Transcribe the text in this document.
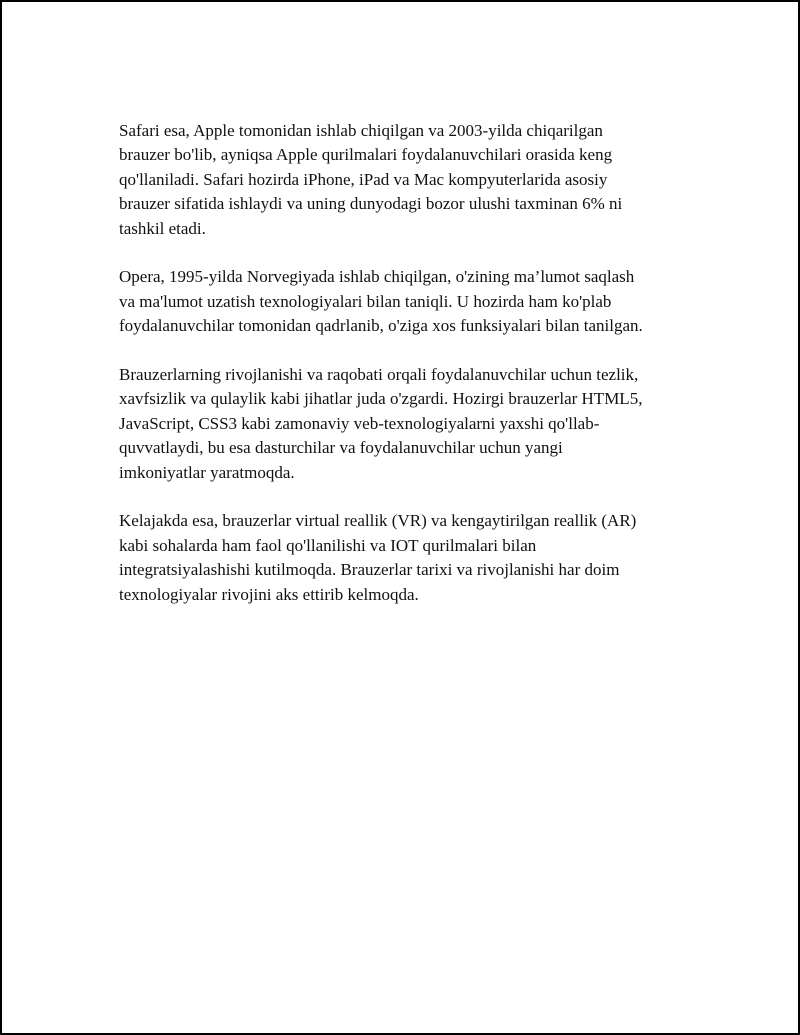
Safari esa, Apple tomonidan ishlab chiqilgan va 2003-yilda chiqarilgan
brauzer bo'lib, ayniqsa Apple qurilmalari foydalanuvchilari orasida keng
qo'llaniladi. Safari hozirda iPhone, iPad va Mac kompyuterlarida asosiy
brauzer sifatida ishlaydi va uning dunyodagi bozor ulushi taxminan 6% ni
tashkil etadi.

Opera, 1995-yilda Norvegiyada ishlab chiqilgan, o'zining ma’lumot saqlash
va ma'lumot uzatish texnologiyalari bilan taniqli. U hozirda ham ko'plab
foydalanuvchilar tomonidan qadrlanib, o'ziga xos funksiyalari bilan tanilgan.

Brauzerlarning rivojlanishi va raqobati orqali foydalanuvchilar uchun tezlik,
xavfsizlik va qulaylik kabi jihatlar juda o'zgardi. Hozirgi brauzerlar HTML5,
JavaScript, CSS3 kabi zamonaviy veb-texnologiyalarni yaxshi qo'llab-
quvvatlaydi, bu esa dasturchilar va foydalanuvchilar uchun yangi
imkoniyatlar yaratmoqda.

Kelajakda esa, brauzerlar virtual reallik (VR) va kengaytirilgan reallik (AR)
kabi sohalarda ham faol qo'llanilishi va IOT qurilmalari bilan
integratsiyalashishi kutilmoqda. Brauzerlar tarixi va rivojlanishi har doim
texnologiyalar rivojini aks ettirib kelmoqda.
